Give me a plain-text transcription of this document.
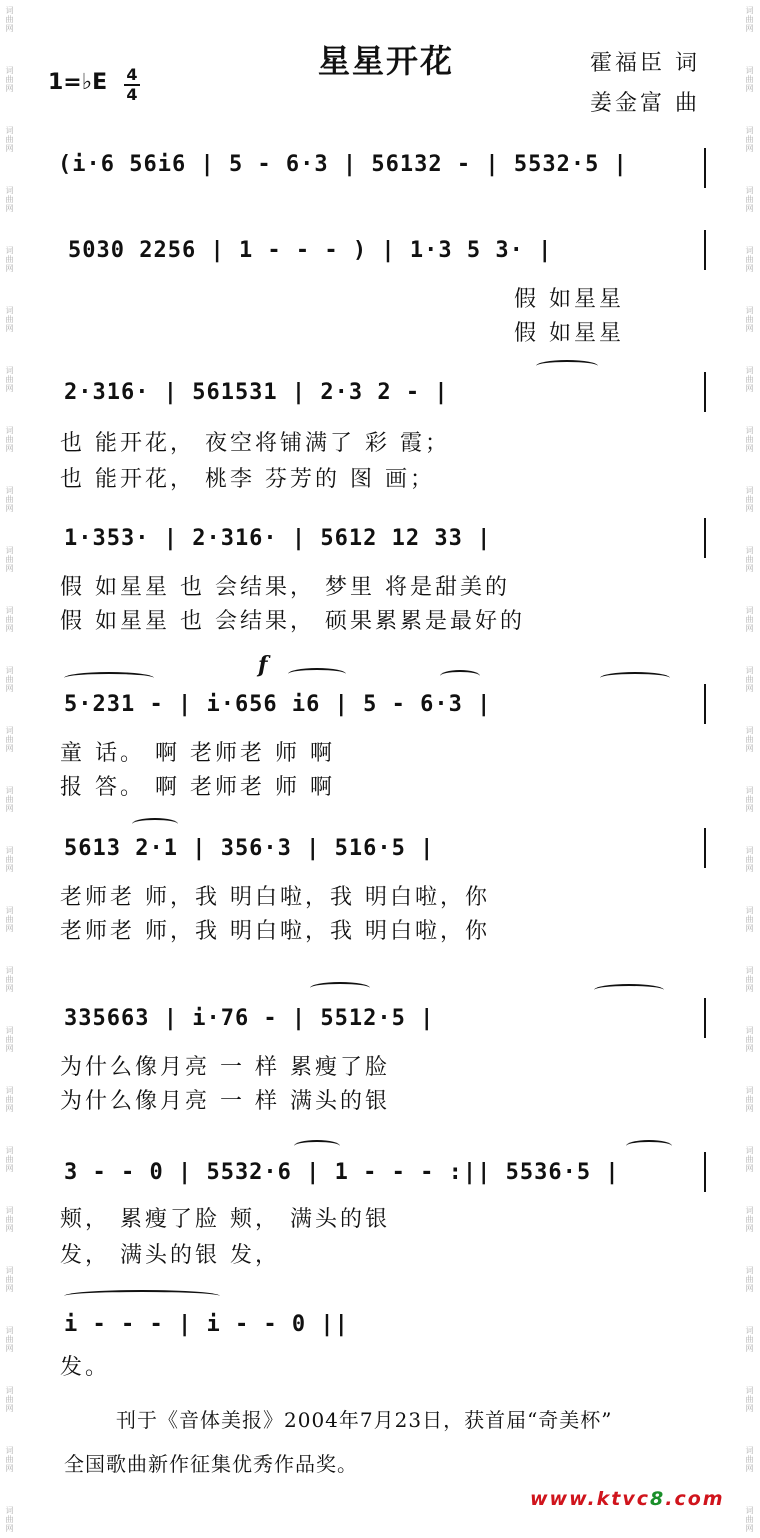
词曲网
词曲网
词曲网
词曲网
词曲网
词曲网
词曲网
词曲网
词曲网
词曲网
词曲网
词曲网
词曲网
词曲网
词曲网
词曲网
词曲网
词曲网
词曲网
词曲网
词曲网
词曲网
词曲网
词曲网
词曲网
词曲网
词曲网
词曲网
词曲网
词曲网
词曲网
词曲网
词曲网
词曲网
词曲网
词曲网
词曲网
词曲网
词曲网
词曲网
词曲网
词曲网
词曲网
词曲网
词曲网
词曲网
词曲网
词曲网
词曲网
词曲网
词曲网
词曲网
星星开花	霍福臣 词
姜金富 曲
1=♭E 4
4
(i·6 56i6 | 5 - 6·3 | 56132 - | 5532·5 |
5030 2256 | 1 - - - ) | 1·3 5 3· |
假 如星星
假 如星星
2·316· | 561531 | 2·3 2 - |
也 能开花， 夜空将铺满了 彩 霞；
也 能开花， 桃李 芬芳的 图 画；
1·353· | 2·316· | 5612 12 33 |
假 如星星 也 会结果， 梦里 将是甜美的
假 如星星 也 会结果， 硕果累累是最好的
f
5·231 - | i·656 i6 | 5 - 6·3 |
童 话。 啊 老师老 师 啊
报 答。 啊 老师老 师 啊
5613 2·1 | 356·3 | 516·5 |
老师老 师，我 明白啦，我 明白啦，你
老师老 师，我 明白啦，我 明白啦，你
335663 | i·76 - | 5512·5 |
为什么像月亮 一 样 累瘦了脸
为什么像月亮 一 样 满头的银
3 - - 0 | 5532·6 | 1 - - - :|| 5536·5 |
颊， 累瘦了脸 颊， 满头的银
发， 满头的银 发，
i - - - | i - - 0 ||
发。
刊于《音体美报》2004年7月23日，获首届“奇美杯”
全国歌曲新作征集优秀作品奖。
www.ktvc8.com
